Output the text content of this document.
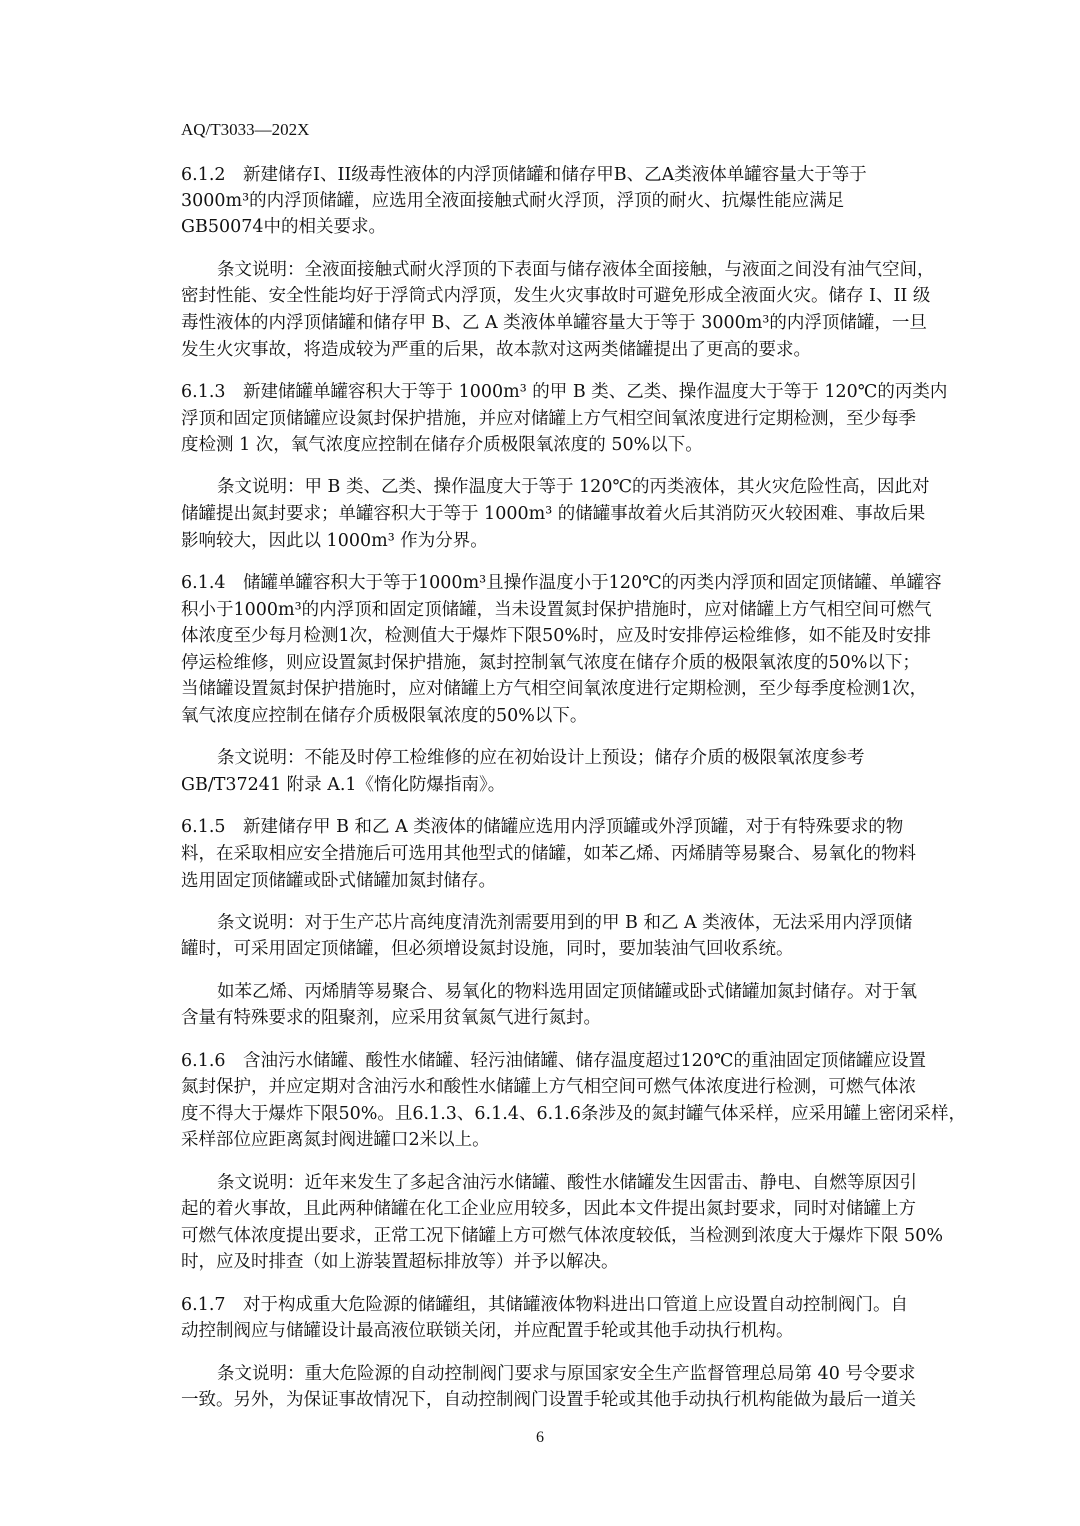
AQ/T3033—202X

6.1.2　新建储存I、II级毒性液体的内浮顶储罐和储存甲B、乙A类液体单罐容量大于等于

3000m³的内浮顶储罐，应选用全液面接触式耐火浮顶，浮顶的耐火、抗爆性能应满足

GB50074中的相关要求。

条文说明：全液面接触式耐火浮顶的下表面与储存液体全面接触，与液面之间没有油气空间，

密封性能、安全性能均好于浮筒式内浮顶，发生火灾事故时可避免形成全液面火灾。储存 I、II 级

毒性液体的内浮顶储罐和储存甲 B、乙 A 类液体单罐容量大于等于 3000m³的内浮顶储罐，一旦

发生火灾事故，将造成较为严重的后果，故本款对这两类储罐提出了更高的要求。

6.1.3　新建储罐单罐容积大于等于 1000m³ 的甲 B 类、乙类、操作温度大于等于 120℃的丙类内

浮顶和固定顶储罐应设氮封保护措施，并应对储罐上方气相空间氧浓度进行定期检测，至少每季

度检测 1 次，氧气浓度应控制在储存介质极限氧浓度的 50%以下。

条文说明：甲 B 类、乙类、操作温度大于等于 120℃的丙类液体，其火灾危险性高，因此对

储罐提出氮封要求；单罐容积大于等于 1000m³ 的储罐事故着火后其消防灭火较困难、事故后果

影响较大，因此以 1000m³ 作为分界。

6.1.4　储罐单罐容积大于等于1000m³且操作温度小于120℃的丙类内浮顶和固定顶储罐、单罐容

积小于1000m³的内浮顶和固定顶储罐，当未设置氮封保护措施时，应对储罐上方气相空间可燃气

体浓度至少每月检测1次，检测值大于爆炸下限50%时，应及时安排停运检维修，如不能及时安排

停运检维修，则应设置氮封保护措施，氮封控制氧气浓度在储存介质的极限氧浓度的50%以下；

当储罐设置氮封保护措施时，应对储罐上方气相空间氧浓度进行定期检测，至少每季度检测1次，

氧气浓度应控制在储存介质极限氧浓度的50%以下。

条文说明：不能及时停工检维修的应在初始设计上预设；储存介质的极限氧浓度参考

GB/T37241 附录 A.1《惰化防爆指南》。

6.1.5　新建储存甲 B 和乙 A 类液体的储罐应选用内浮顶罐或外浮顶罐，对于有特殊要求的物

料，在采取相应安全措施后可选用其他型式的储罐，如苯乙烯、丙烯腈等易聚合、易氧化的物料

选用固定顶储罐或卧式储罐加氮封储存。

条文说明：对于生产芯片高纯度清洗剂需要用到的甲 B 和乙 A 类液体，无法采用内浮顶储

罐时，可采用固定顶储罐，但必须增设氮封设施，同时，要加装油气回收系统。

如苯乙烯、丙烯腈等易聚合、易氧化的物料选用固定顶储罐或卧式储罐加氮封储存。对于氧

含量有特殊要求的阻聚剂，应采用贫氧氮气进行氮封。

6.1.6　含油污水储罐、酸性水储罐、轻污油储罐、储存温度超过120℃的重油固定顶储罐应设置

氮封保护，并应定期对含油污水和酸性水储罐上方气相空间可燃气体浓度进行检测，可燃气体浓

度不得大于爆炸下限50%。且6.1.3、6.1.4、6.1.6条涉及的氮封罐气体采样，应采用罐上密闭采样，

采样部位应距离氮封阀进罐口2米以上。

条文说明：近年来发生了多起含油污水储罐、酸性水储罐发生因雷击、静电、自燃等原因引

起的着火事故，且此两种储罐在化工企业应用较多，因此本文件提出氮封要求，同时对储罐上方

可燃气体浓度提出要求，正常工况下储罐上方可燃气体浓度较低，当检测到浓度大于爆炸下限 50%

时，应及时排查（如上游装置超标排放等）并予以解决。

6.1.7　对于构成重大危险源的储罐组，其储罐液体物料进出口管道上应设置自动控制阀门。自

动控制阀应与储罐设计最高液位联锁关闭，并应配置手轮或其他手动执行机构。

条文说明：重大危险源的自动控制阀门要求与原国家安全生产监督管理总局第 40 号令要求

一致。另外，为保证事故情况下，自动控制阀门设置手轮或其他手动执行机构能做为最后一道关

6
